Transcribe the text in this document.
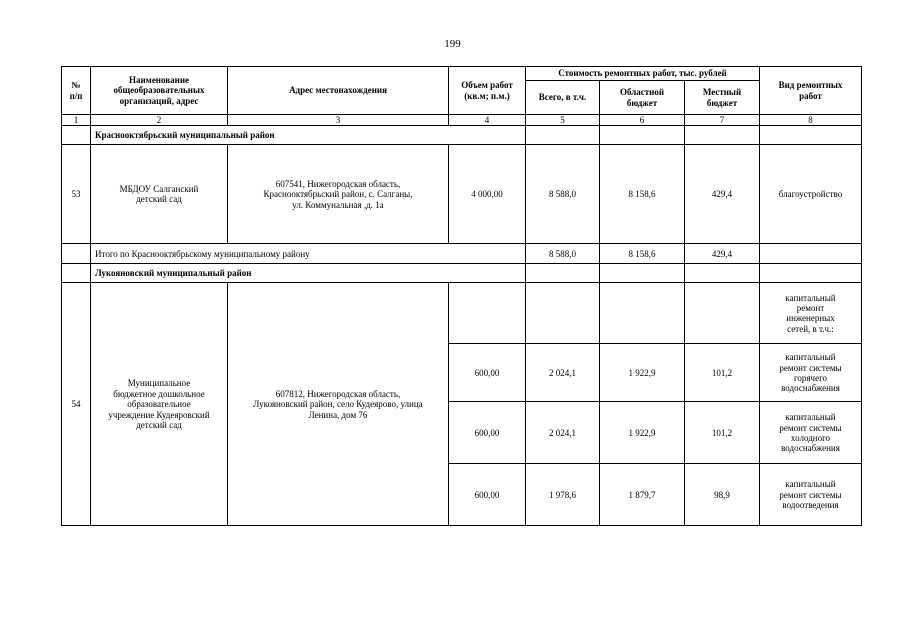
199
№
п/п	Наименование
общеобразовательных
организаций, адрес	Адрес местонахождения	Объем работ
(кв.м; п.м.)	Стоимость ремонтных работ, тыс. рублей			Вид ремонтных
работ
				Всего, в т.ч.	Областной
бюджет	Местный
бюджет	
1	2	3	4	5	6	7	8
	Краснооктябрьский муниципальный район						
53	МБДОУ Салганский
детский сад	607541, Нижегородская область,
Краснооктябрьский район, с. Салганы,
ул. Коммунальная ,д. 1а	4 000,00	8 588,0	8 158,6	429,4	благоустройство
	Итого по Краснооктябрьскому муниципальному району			8 588,0	8 158,6	429,4	
	Лукояновский муниципальный район						
54	Муниципальное
бюджетное дошкольное
образовательное
учреждение Кудеяровский
детский сад	607812, Нижегородская область,
Лукояновский район, село Кудеярово, улица
Ленина, дом 76					капитальный
ремонт
инженерных
сетей, в т.ч.:
			600,00	2 024,1	1 922,9	101,2	капитальный
ремонт системы
горячего
водоснабжения
			600,00	2 024,1	1 922,9	101,2	капитальный
ремонт системы
холодного
водоснабжения
			600,00	1 978,6	1 879,7	98,9	капитальный
ремонт системы
водоотведения
